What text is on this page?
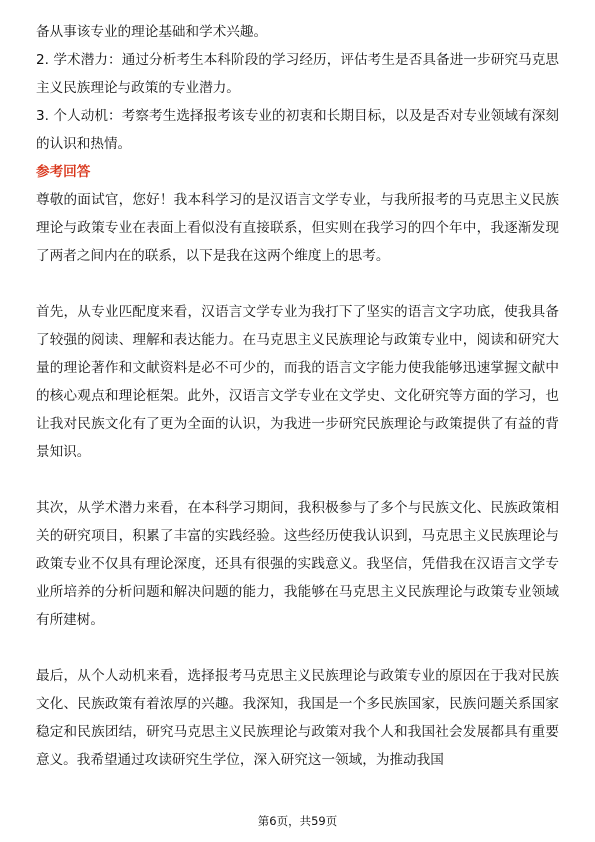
备从事该专业的理论基础和学术兴趣。

2. 学术潜力：通过分析考生本科阶段的学习经历，评估考生是否具备进一步研究马克思主义民族理论与政策的专业潜力。

3. 个人动机：考察考生选择报考该专业的初衷和长期目标，以及是否对专业领域有深刻的认识和热情。

参考回答

尊敬的面试官，您好！我本科学习的是汉语言文学专业，与我所报考的马克思主义民族理论与政策专业在表面上看似没有直接联系，但实则在我学习的四个年中，我逐渐发现了两者之间内在的联系，以下是我在这两个维度上的思考。

首先，从专业匹配度来看，汉语言文学专业为我打下了坚实的语言文字功底，使我具备了较强的阅读、理解和表达能力。在马克思主义民族理论与政策专业中，阅读和研究大量的理论著作和文献资料是必不可少的，而我的语言文字能力使我能够迅速掌握文献中的核心观点和理论框架。此外，汉语言文学专业在文学史、文化研究等方面的学习，也让我对民族文化有了更为全面的认识，为我进一步研究民族理论与政策提供了有益的背景知识。

其次，从学术潜力来看，在本科学习期间，我积极参与了多个与民族文化、民族政策相关的研究项目，积累了丰富的实践经验。这些经历使我认识到，马克思主义民族理论与政策专业不仅具有理论深度，还具有很强的实践意义。我坚信，凭借我在汉语言文学专业所培养的分析问题和解决问题的能力，我能够在马克思主义民族理论与政策专业领域有所建树。

最后，从个人动机来看，选择报考马克思主义民族理论与政策专业的原因在于我对民族文化、民族政策有着浓厚的兴趣。我深知，我国是一个多民族国家，民族问题关系国家稳定和民族团结，研究马克思主义民族理论与政策对我个人和我国社会发展都具有重要意义。我希望通过攻读研究生学位，深入研究这一领域，为推动我国

第6页，共59页
